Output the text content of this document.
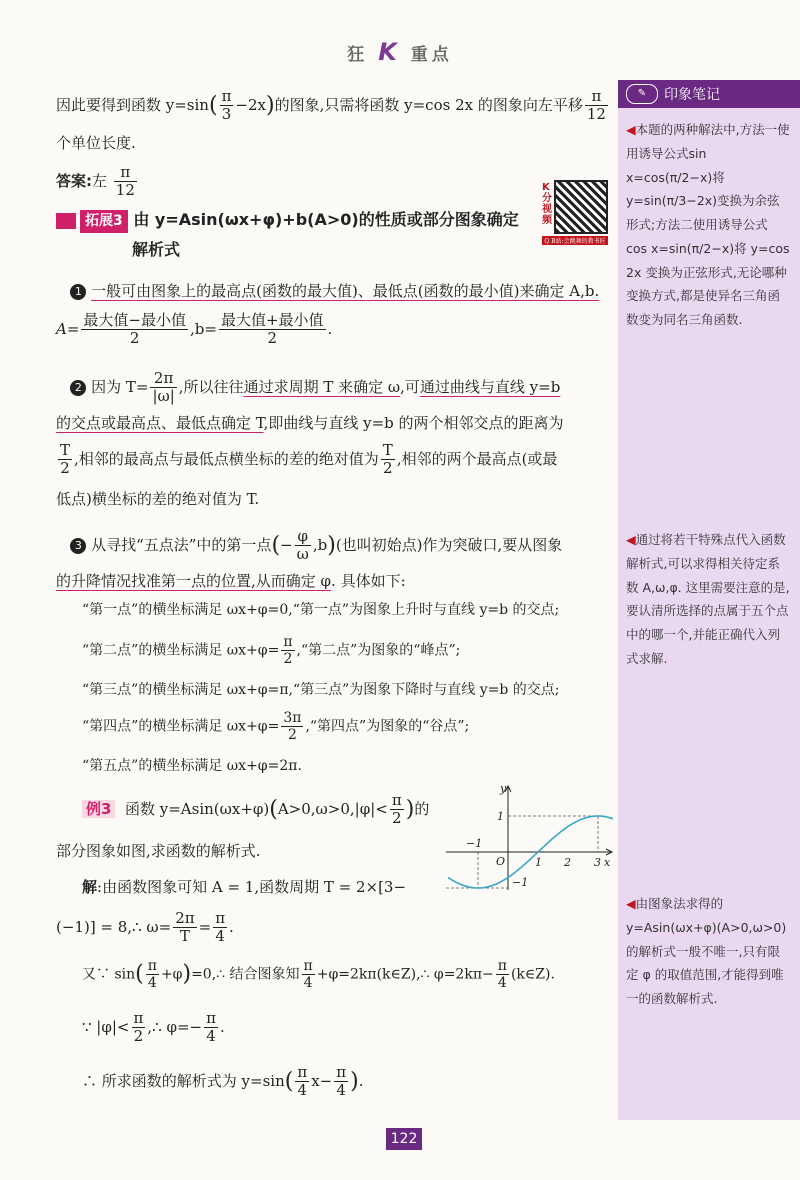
狂 K 重点
因此要得到函数 $y=\sin( \frac{\pi}{3} -2x)$的图象,只需将函数 y=cos 2x 的图象向左平移 $\frac{\pi}{12}$
个单位长度.
答案:左 $\frac{\pi}{12}$
拓展3 由 y=Asin(ωx+φ)+b(A>0)的性质或部分图象确定
解析式
1 一般可由图象上的最高点(函数的最大值)、最低点(函数的最小值)来确定 A,b.
$A= \frac{\text{最大值−最小值}}{2} ,b= \frac{\text{最大值+最小值}}{2}$ .
2 因为 $T= \frac{2\pi}{|\omega|}$ ,所以往往通过求周期 T 来确定 ω,可通过曲线与直线 y=b
的交点或最高点、最低点确定 T,即曲线与直线 y=b 的两个相邻交点的距离为
$\frac{T}{2}$ ,相邻的最高点与最低点横坐标的差的绝对值为 $\frac{T}{2}$ ,相邻的两个最高点(或最
低点)横坐标的差的绝对值为 T.
3 从寻找“五点法”中的第一点(− $\frac{\varphi}{\omega} ,b$)(也叫初始点)作为突破口,要从图象
的升降情况找准第一点的位置,从而确定 φ. 具体如下:
“第一点”的横坐标满足 ωx+φ=0,“第一点”为图象上升时与直线 y=b 的交点;
“第二点”的横坐标满足 $\omega x+\varphi= \frac{\pi}{2}$ ,“第二点”为图象的“峰点”;
“第三点”的横坐标满足 ωx+φ=π,“第三点”为图象下降时与直线 y=b 的交点;
“第四点”的横坐标满足 $\omega x+\varphi= \frac{3\pi}{2}$ ,“第四点”为图象的“谷点”;
“第五点”的横坐标满足 ωx+φ=2π.
例3 函数 $y=Asin(\omega x+\varphi)(A>0,\omega>0,|\varphi|< \frac{\pi}{2}$ )的
部分图象如图,求函数的解析式.
解:由函数图象可知 A = 1,函数周期 T = 2×[3−
(−1)] = 8,∴ $\omega= \frac{2\pi}{T} = \frac{\pi}{4}$ .
又∵ $\sin( \frac{\pi}{4}$ +φ)=0,∴ 结合图象知 $\frac{\pi}{4}$ +φ=2kπ(k∈Z),∴ $\varphi=2k\pi- \frac{\pi}{4}$ (k∈Z).
∵ $|\varphi|< \frac{\pi}{2}$ ,∴ $\varphi=- \frac{\pi}{4}$ .
∴ 所求函数的解析式为 $y=\sin( \frac{\pi}{4} x- \frac{\pi}{4}$ ).
K分视频
Q B站:会跳舞的教书匠
y
x
O
1
−1
−1
1 2 3
✎	印象笔记
◀本题的两种解法中,方法一使用诱导公式sin x=cos(π/2−x)将 y=sin(π/3−2x)变换为余弦形式;方法二使用诱导公式 cos x=sin(π/2−x)将 y=cos 2x 变换为正弦形式,无论哪种变换方式,都是使异名三角函数变为同名三角函数.
◀通过将若干特殊点代入函数解析式,可以求得相关待定系数 A,ω,φ. 这里需要注意的是,要认清所选择的点属于五个点中的哪一个,并能正确代入列式求解.
◀由图象法求得的 y=Asin(ωx+φ)(A>0,ω>0)的解析式一般不唯一,只有限定 φ 的取值范围,才能得到唯一的函数解析式.
122
